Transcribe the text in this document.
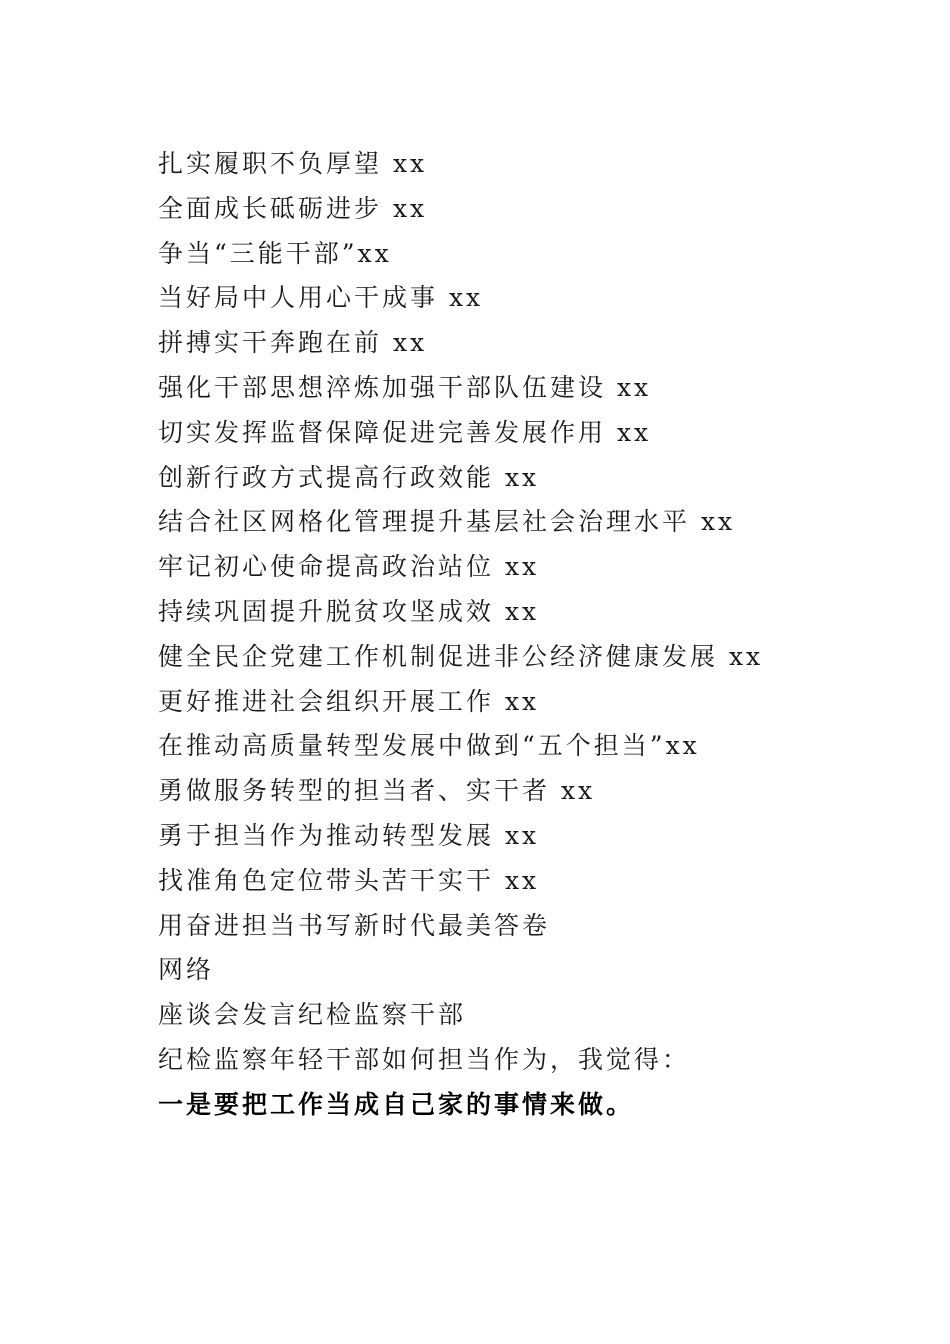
扎实履职不负厚望 xx
全面成长砥砺进步 xx
争当“三能干部”xx
当好局中人用心干成事 xx
拼搏实干奔跑在前 xx
强化干部思想淬炼加强干部队伍建设 xx
切实发挥监督保障促进完善发展作用 xx
创新行政方式提高行政效能 xx
结合社区网格化管理提升基层社会治理水平 xx
牢记初心使命提高政治站位 xx
持续巩固提升脱贫攻坚成效 xx
健全民企党建工作机制促进非公经济健康发展 xx
更好推进社会组织开展工作 xx
在推动高质量转型发展中做到“五个担当”xx
勇做服务转型的担当者、实干者 xx
勇于担当作为推动转型发展 xx
找准角色定位带头苦干实干 xx
用奋进担当书写新时代最美答卷
网络
座谈会发言纪检监察干部
纪检监察年轻干部如何担当作为，我觉得：
一是要把工作当成自己家的事情来做。
